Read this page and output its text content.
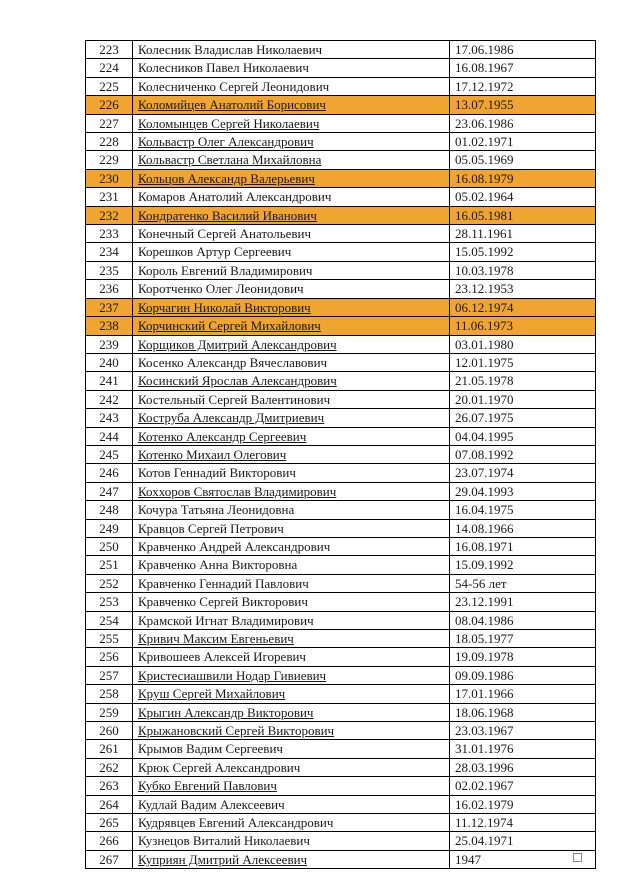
223	Колесник Владислав Николаевич	17.06.1986
224	Колесников Павел Николаевич	16.08.1967
225	Колесниченко Сергей Леонидович	17.12.1972
226	Коломийцев Анатолий Борисович	13.07.1955
227	Коломынцев Сергей Николаевич	23.06.1986
228	Кольвастр Олег Александрович	01.02.1971
229	Кольвастр Светлана Михайловна	05.05.1969
230	Кольцов Александр Валерьевич	16.08.1979
231	Комаров Анатолий Александрович	05.02.1964
232	Кондратенко Василий Иванович	16.05.1981
233	Конечный Сергей Анатольевич	28.11.1961
234	Корешков Артур Сергеевич	15.05.1992
235	Король Евгений Владимирович	10.03.1978
236	Коротченко Олег Леонидович	23.12.1953
237	Корчагин Николай Викторович	06.12.1974
238	Корчинский Сергей Михайлович	11.06.1973
239	Корщиков Дмитрий Александрович	03.01.1980
240	Косенко Александр Вячеславович	12.01.1975
241	Косинский Ярослав Александрович	21.05.1978
242	Костельный Сергей Валентинович	20.01.1970
243	Коструба Александр Дмитриевич	26.07.1975
244	Котенко Александр Сергеевич	04.04.1995
245	Котенко Михаил Олегович	07.08.1992
246	Котов Геннадий Викторович	23.07.1974
247	Коххоров Святослав Владимирович	29.04.1993
248	Кочура Татьяна Леонидовна	16.04.1975
249	Кравцов Сергей Петрович	14.08.1966
250	Кравченко Андрей Александрович	16.08.1971
251	Кравченко Анна Викторовна	15.09.1992
252	Кравченко Геннадий Павлович	54-56 лет
253	Кравченко Сергей Викторович	23.12.1991
254	Крамской Игнат Владимирович	08.04.1986
255	Кривич Максим Евгеньевич	18.05.1977
256	Кривошеев Алексей Игоревич	19.09.1978
257	Кристесиашвили Нодар Гивиевич	09.09.1986
258	Круш Сергей Михайлович	17.01.1966
259	Крыгин Александр Викторович	18.06.1968
260	Крыжановский Сергей Викторович	23.03.1967
261	Крымов Вадим Сергеевич	31.01.1976
262	Крюк Сергей Александрович	28.03.1996
263	Кубко Евгений Павлович	02.02.1967
264	Кудлай Вадим Алексеевич	16.02.1979
265	Кудрявцев Евгений Александрович	11.12.1974
266	Кузнецов Виталий Николаевич	25.04.1971
267	Куприян Дмитрий Алексеевич	1947
